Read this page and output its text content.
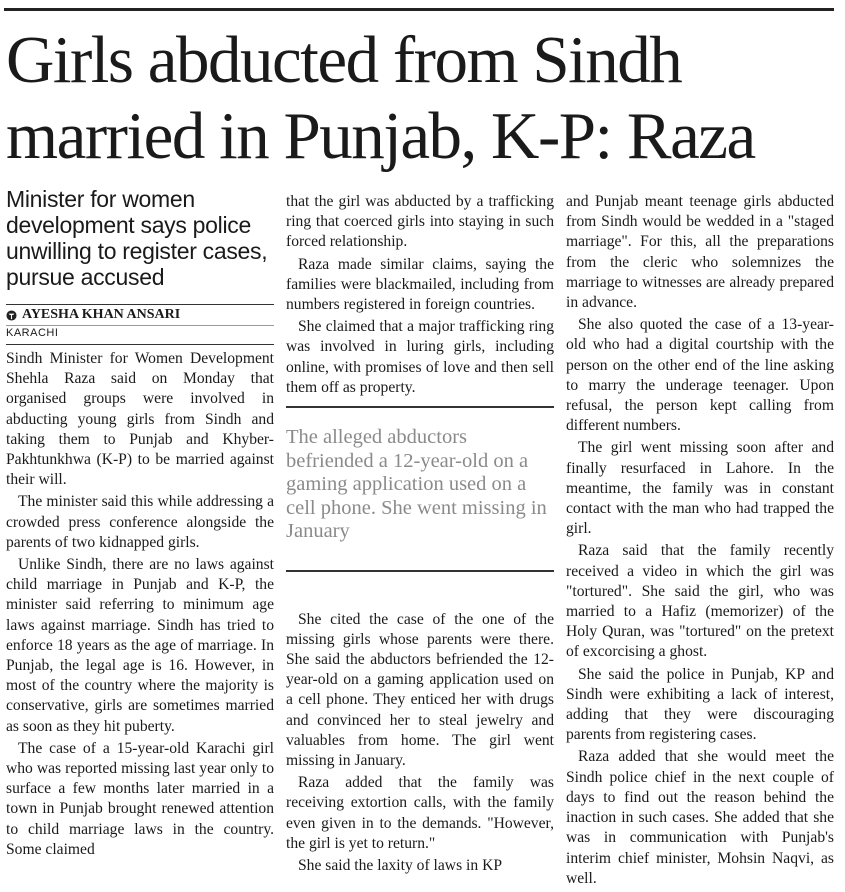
Girls abducted from Sindh
married in Punjab, K-P: Raza
Minister for women development says police unwilling to register cases, pursue accused
AYESHA KHAN ANSARI
KARACHI

Sindh Minister for Women Development Shehla Raza said on Monday that organised groups were involved in abducting young girls from Sindh and taking them to Punjab and Khyber-Pakhtunkhwa (K-P) to be married against their will.

The minister said this while addressing a crowded press conference alongside the parents of two kidnapped girls.

Unlike Sindh, there are no laws against child marriage in Punjab and K-P, the minister said referring to minimum age laws against marriage. Sindh has tried to enforce 18 years as the age of marriage. In Punjab, the legal age is 16. However, in most of the country where the majority is conservative, girls are sometimes married as soon as they hit puberty.

The case of a 15-year-old Karachi girl who was reported missing last year only to surface a few months later married in a town in Punjab brought renewed attention to child marriage laws in the country. Some claimed

that the girl was abducted by a trafficking ring that coerced girls into staying in such forced relationship.

Raza made similar claims, saying the families were blackmailed, including from numbers registered in foreign countries.

She claimed that a major trafficking ring was involved in luring girls, including online, with promises of love and then sell them off as property.

The alleged abductors befriended a 12-year-old on a gaming application used on a cell phone. She went missing in January

She cited the case of the one of the missing girls whose parents were there. She said the abductors befriended the 12-year-old on a gaming application used on a cell phone. They enticed her with drugs and convinced her to steal jewelry and valuables from home. The girl went missing in January.

Raza added that the family was receiving extortion calls, with the family even given in to the demands. "However, the girl is yet to return."

She said the laxity of laws in KP

and Punjab meant teenage girls abducted from Sindh would be wedded in a "staged marriage". For this, all the preparations from the cleric who solemnizes the marriage to witnesses are already prepared in advance.

She also quoted the case of a 13-year-old who had a digital courtship with the person on the other end of the line asking to marry the underage teenager. Upon refusal, the person kept calling from different numbers.

The girl went missing soon after and finally resurfaced in Lahore. In the meantime, the family was in constant contact with the man who had trapped the girl.

Raza said that the family recently received a video in which the girl was "tortured". She said the girl, who was married to a Hafiz (memorizer) of the Holy Quran, was "tortured" on the pretext of excorcising a ghost.

She said the police in Punjab, KP and Sindh were exhibiting a lack of interest, adding that they were discouraging parents from registering cases.

Raza added that she would meet the Sindh police chief in the next couple of days to find out the reason behind the inaction in such cases. She added that she was in communication with Punjab's interim chief minister, Mohsin Naqvi, as well.
